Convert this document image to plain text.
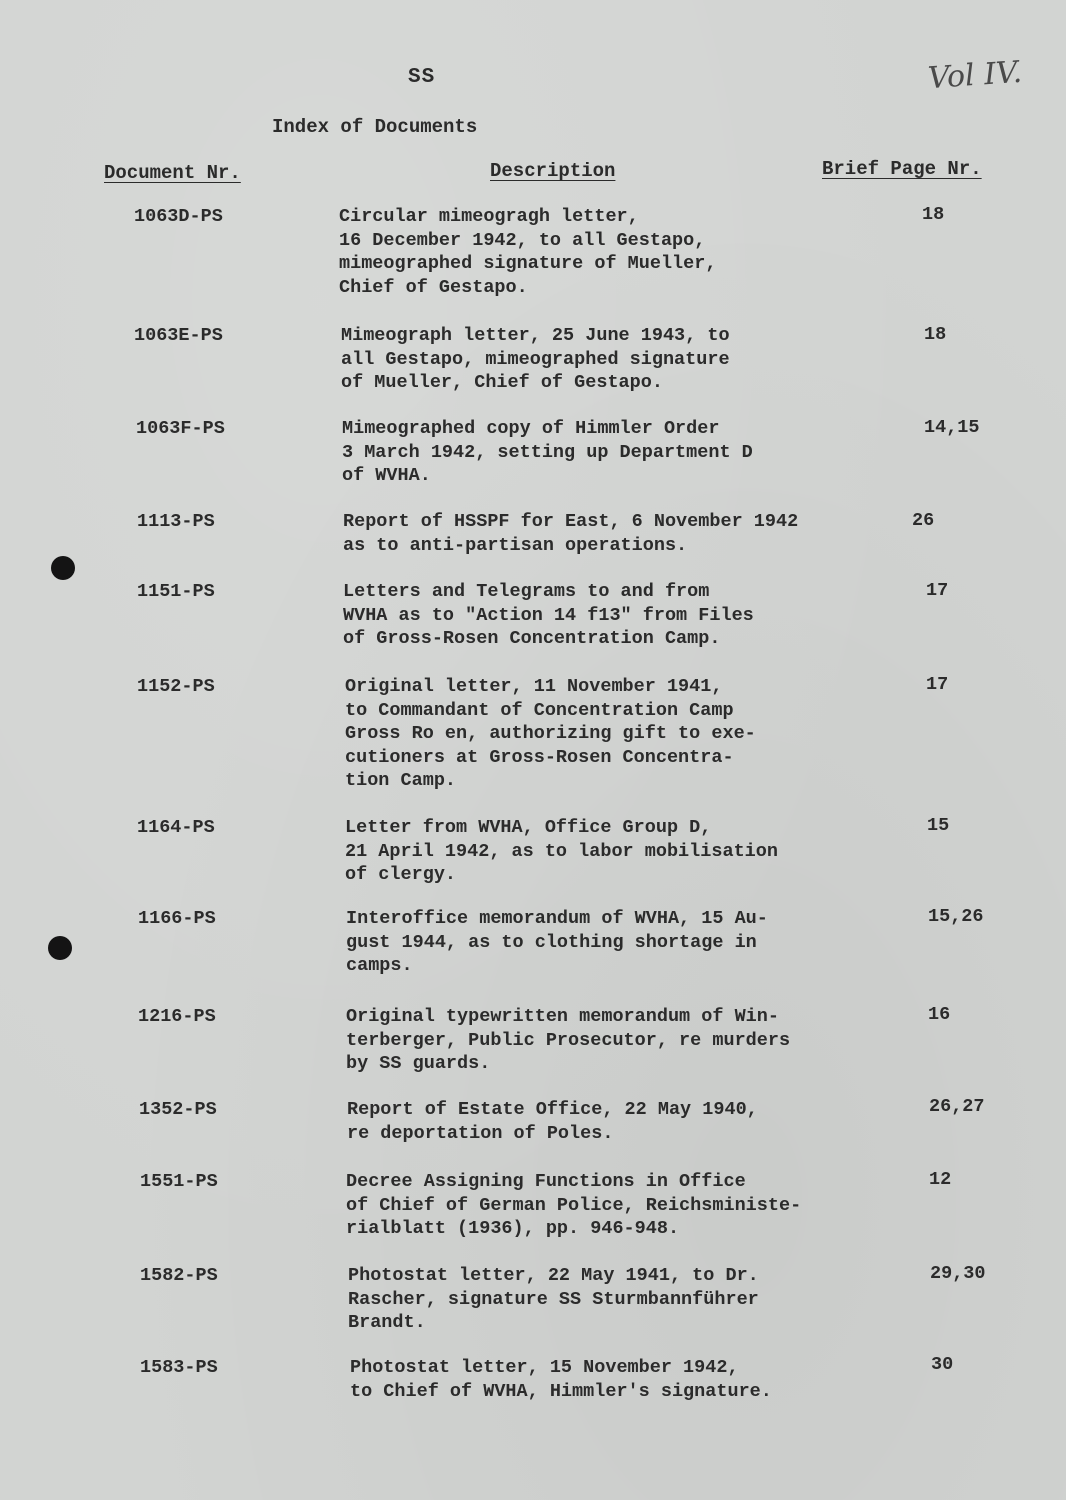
SS	Vol IV.
Index of Documents
Document Nr.	Description	Brief Page Nr.
1063D-PS	Circular mimeogragh letter,
16 December 1942, to all Gestapo,
mimeographed signature of Mueller,
Chief of Gestapo.
18
1063E-PS	Mimeograph letter, 25 June 1943, to
all Gestapo, mimeographed signature
of Mueller, Chief of Gestapo.
18
1063F-PS	Mimeographed copy of Himmler Order
3 March 1942, setting up Department D
of WVHA.
14,15
1113-PS	Report of HSSPF for East, 6 November 1942
as to anti-partisan operations.
26
1151-PS	Letters and Telegrams to and from
WVHA as to "Action 14 f13" from Files
of Gross-Rosen Concentration Camp.
17
1152-PS	Original letter, 11 November 1941,
to Commandant of Concentration Camp
Gross Ro en, authorizing gift to exe-
cutioners at Gross-Rosen Concentra-
tion Camp.
17
1164-PS	Letter from WVHA, Office Group D,
21 April 1942, as to labor mobilisation
of clergy.
15
1166-PS	Interoffice memorandum of WVHA, 15 Au-
gust 1944, as to clothing shortage in
camps.
15,26
1216-PS	Original typewritten memorandum of Win-
terberger, Public Prosecutor, re murders
by SS guards.
16
1352-PS	Report of Estate Office, 22 May 1940,
re deportation of Poles.
26,27
1551-PS	Decree Assigning Functions in Office
of Chief of German Police, Reichsministe-
rialblatt (1936), pp. 946-948.
12
1582-PS	Photostat letter, 22 May 1941, to Dr.
Rascher, signature SS Sturmbannführer
Brandt.
29,30
1583-PS	Photostat letter, 15 November 1942,
to Chief of WVHA, Himmler's signature.
30
